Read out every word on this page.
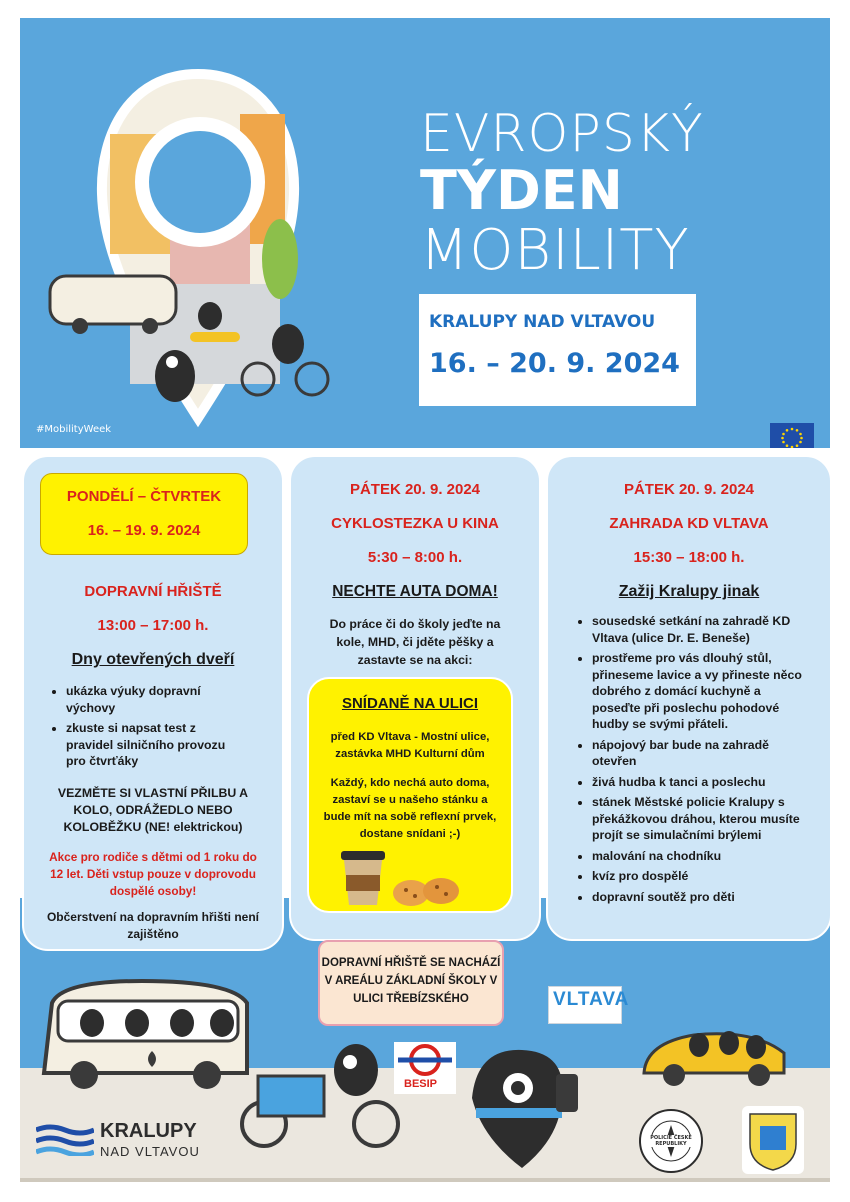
EVROPSKÝ
TÝDEN
MOBILITY
KRALUPY NAD VLTAVOU
16. – 20. 9. 2024
#MobilityWeek
PONDĚLÍ – ČTVRTEK
16. – 19. 9. 2024
DOPRAVNÍ HŘIŠTĚ
13:00 – 17:00 h.
Dny otevřených dveří
• ukázka výuky dopravní výchovy
• zkuste si napsat test z pravidel silničního provozu pro čtvrťáky
VEZMĚTE SI VLASTNÍ PŘILBU A KOLO, ODRÁŽEDLO NEBO KOLOBĚŽKU (NE! elektrickou)
Akce pro rodiče s dětmi od 1 roku do 12 let. Děti vstup pouze v doprovodu dospělé osoby!
Občerstvení na dopravním hřišti není zajištěno
PÁTEK 20. 9. 2024
CYKLOSTEZKA U KINA
5:30 – 8:00 h.
NECHTE AUTA DOMA!
Do práce či do školy jeďte na kole, MHD, či jděte pěšky a zastavte se na akci:
SNÍDANĚ NA ULICI
před KD Vltava - Mostní ulice, zastávka MHD Kulturní dům
Každý, kdo nechá auto doma, zastaví se u našeho stánku a bude mít na sobě reflexní prvek, dostane snídani ;-)
PÁTEK 20. 9. 2024
ZAHRADA KD VLTAVA
15:30 – 18:00 h.
Zažij Kralupy jinak
• sousedské setkání na zahradě KD Vltava (ulice Dr. E. Beneše)
• prostřeme pro vás dlouhý stůl, přineseme lavice a vy přineste něco dobrého z domácí kuchyně a poseďte při poslechu pohodové hudby se svými přáteli.
• nápojový bar bude na zahradě otevřen
• živá hudba k tanci a poslechu
• stánek Městské policie Kralupy s překážkovou dráhou, kterou musíte projít se simulačními brýlemi
• malování na chodníku
• kvíz pro dospělé
• dopravní soutěž pro děti
DOPRAVNÍ HŘIŠTĚ SE NACHÁZÍ V AREÁLU ZÁKLADNÍ ŠKOLY V ULICI TŘEBÍZSKÉHO	VLTAVA
BESIP
KRALUPY
NAD VLTAVOU
POLICIE ČESKÉ REPUBLIKY
